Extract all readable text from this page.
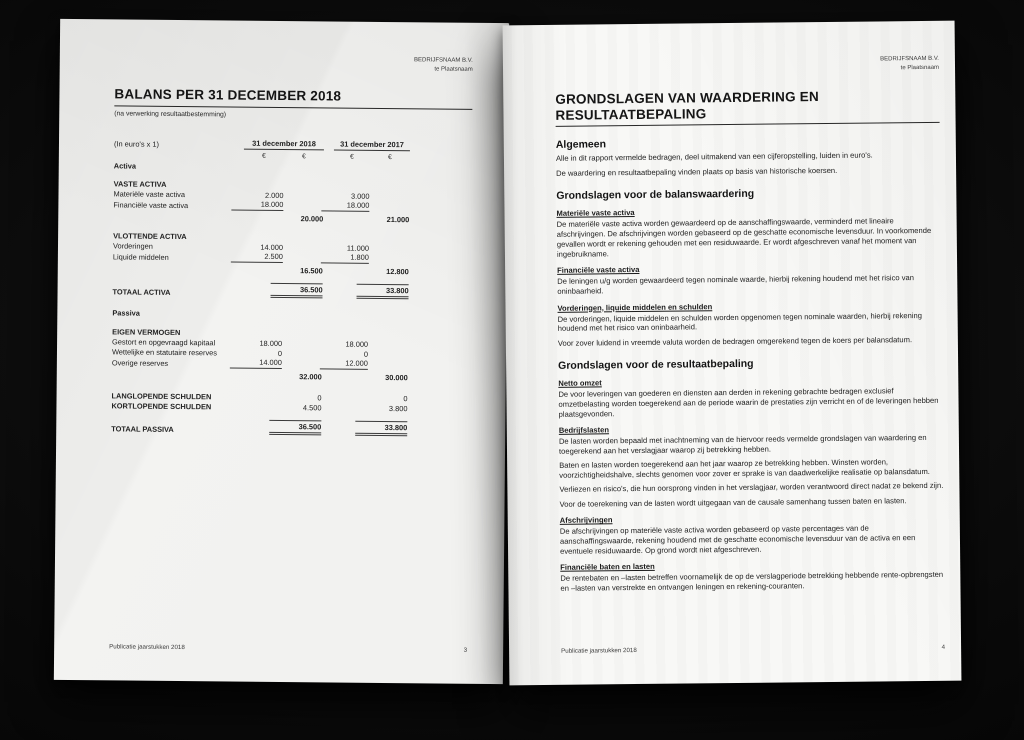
BEDRIJFSNAAM B.V.
te Plaatsnaam
BALANS PER 31 DECEMBER 2018
(na verwerking resultaatbestemming)
(In euro's x 1)	31 december 2018	31 december 2017
€	€	€	€
Activa
VASTE ACTIVA
Materiële vaste activa	2.000	3.000
Financiële vaste activa	18.000	18.000
20.000	21.000
VLOTTENDE ACTIVA
Vorderingen	14.000	11.000
Liquide middelen	2.500	1.800
16.500	12.800
TOTAAL ACTIVA	36.500	33.800
Passiva
EIGEN VERMOGEN
Gestort en opgevraagd kapitaal	18.000	18.000
Wettelijke en statutaire reserves	0	0
Overige reserves	14.000	12.000
32.000	30.000
LANGLOPENDE SCHULDEN	0	0
KORTLOPENDE SCHULDEN	4.500	3.800
TOTAAL PASSIVA	36.500	33.800
Publicatie jaarstukken 2018	3
BEDRIJFSNAAM B.V.
te Plaatsnaam
GRONDSLAGEN VAN WAARDERING EN
RESULTAATBEPALING
Algemeen

Alle in dit rapport vermelde bedragen, deel uitmakend van een cijferopstelling, luiden in euro's.

De waardering en resultaatbepaling vinden plaats op basis van historische koersen.

Grondslagen voor de balanswaardering
Materiële vaste activa

De materiële vaste activa worden gewaardeerd op de aanschaffingswaarde, verminderd met lineaire afschrijvingen. De afschrijvingen worden gebaseerd op de geschatte economische levensduur. In voorkomende gevallen wordt er rekening gehouden met een residuwaarde. Er wordt afgeschreven vanaf het moment van ingebruikname.

Financiële vaste activa

De leningen u/g worden gewaardeerd tegen nominale waarde, hierbij rekening houdend met het risico van oninbaarheid.

Vorderingen, liquide middelen en schulden

De vorderingen, liquide middelen en schulden worden opgenomen tegen nominale waarden, hierbij rekening houdend met het risico van oninbaarheid.

Voor zover luidend in vreemde valuta worden de bedragen omgerekend tegen de koers per balansdatum.

Grondslagen voor de resultaatbepaling
Netto omzet

De voor leveringen van goederen en diensten aan derden in rekening gebrachte bedragen exclusief omzetbelasting worden toegerekend aan de periode waarin de prestaties zijn verricht en of de leveringen hebben plaatsgevonden.

Bedrijfslasten

De lasten worden bepaald met inachtneming van de hiervoor reeds vermelde grondslagen van waardering en toegerekend aan het verslagjaar waarop zij betrekking hebben.

Baten en lasten worden toegerekend aan het jaar waarop ze betrekking hebben. Winsten worden, voorzichtigheidshalve, slechts genomen voor zover er sprake is van daadwerkelijke realisatie op balansdatum.

Verliezen en risico's, die hun oorsprong vinden in het verslagjaar, worden verantwoord direct nadat ze bekend zijn.

Voor de toerekening van de lasten wordt uitgegaan van de causale samenhang tussen baten en lasten.

Afschrijvingen

De afschrijvingen op materiële vaste activa worden gebaseerd op vaste percentages van de aanschaffingswaarde, rekening houdend met de geschatte economische levensduur van de activa en een eventuele residuwaarde. Op grond wordt niet afgeschreven.

Financiële baten en lasten

De rentebaten en –lasten betreffen voornamelijk de op de verslagperiode betrekking hebbende rente-opbrengsten en –lasten van verstrekte en ontvangen leningen en rekening-couranten.

Publicatie jaarstukken 2018	4
